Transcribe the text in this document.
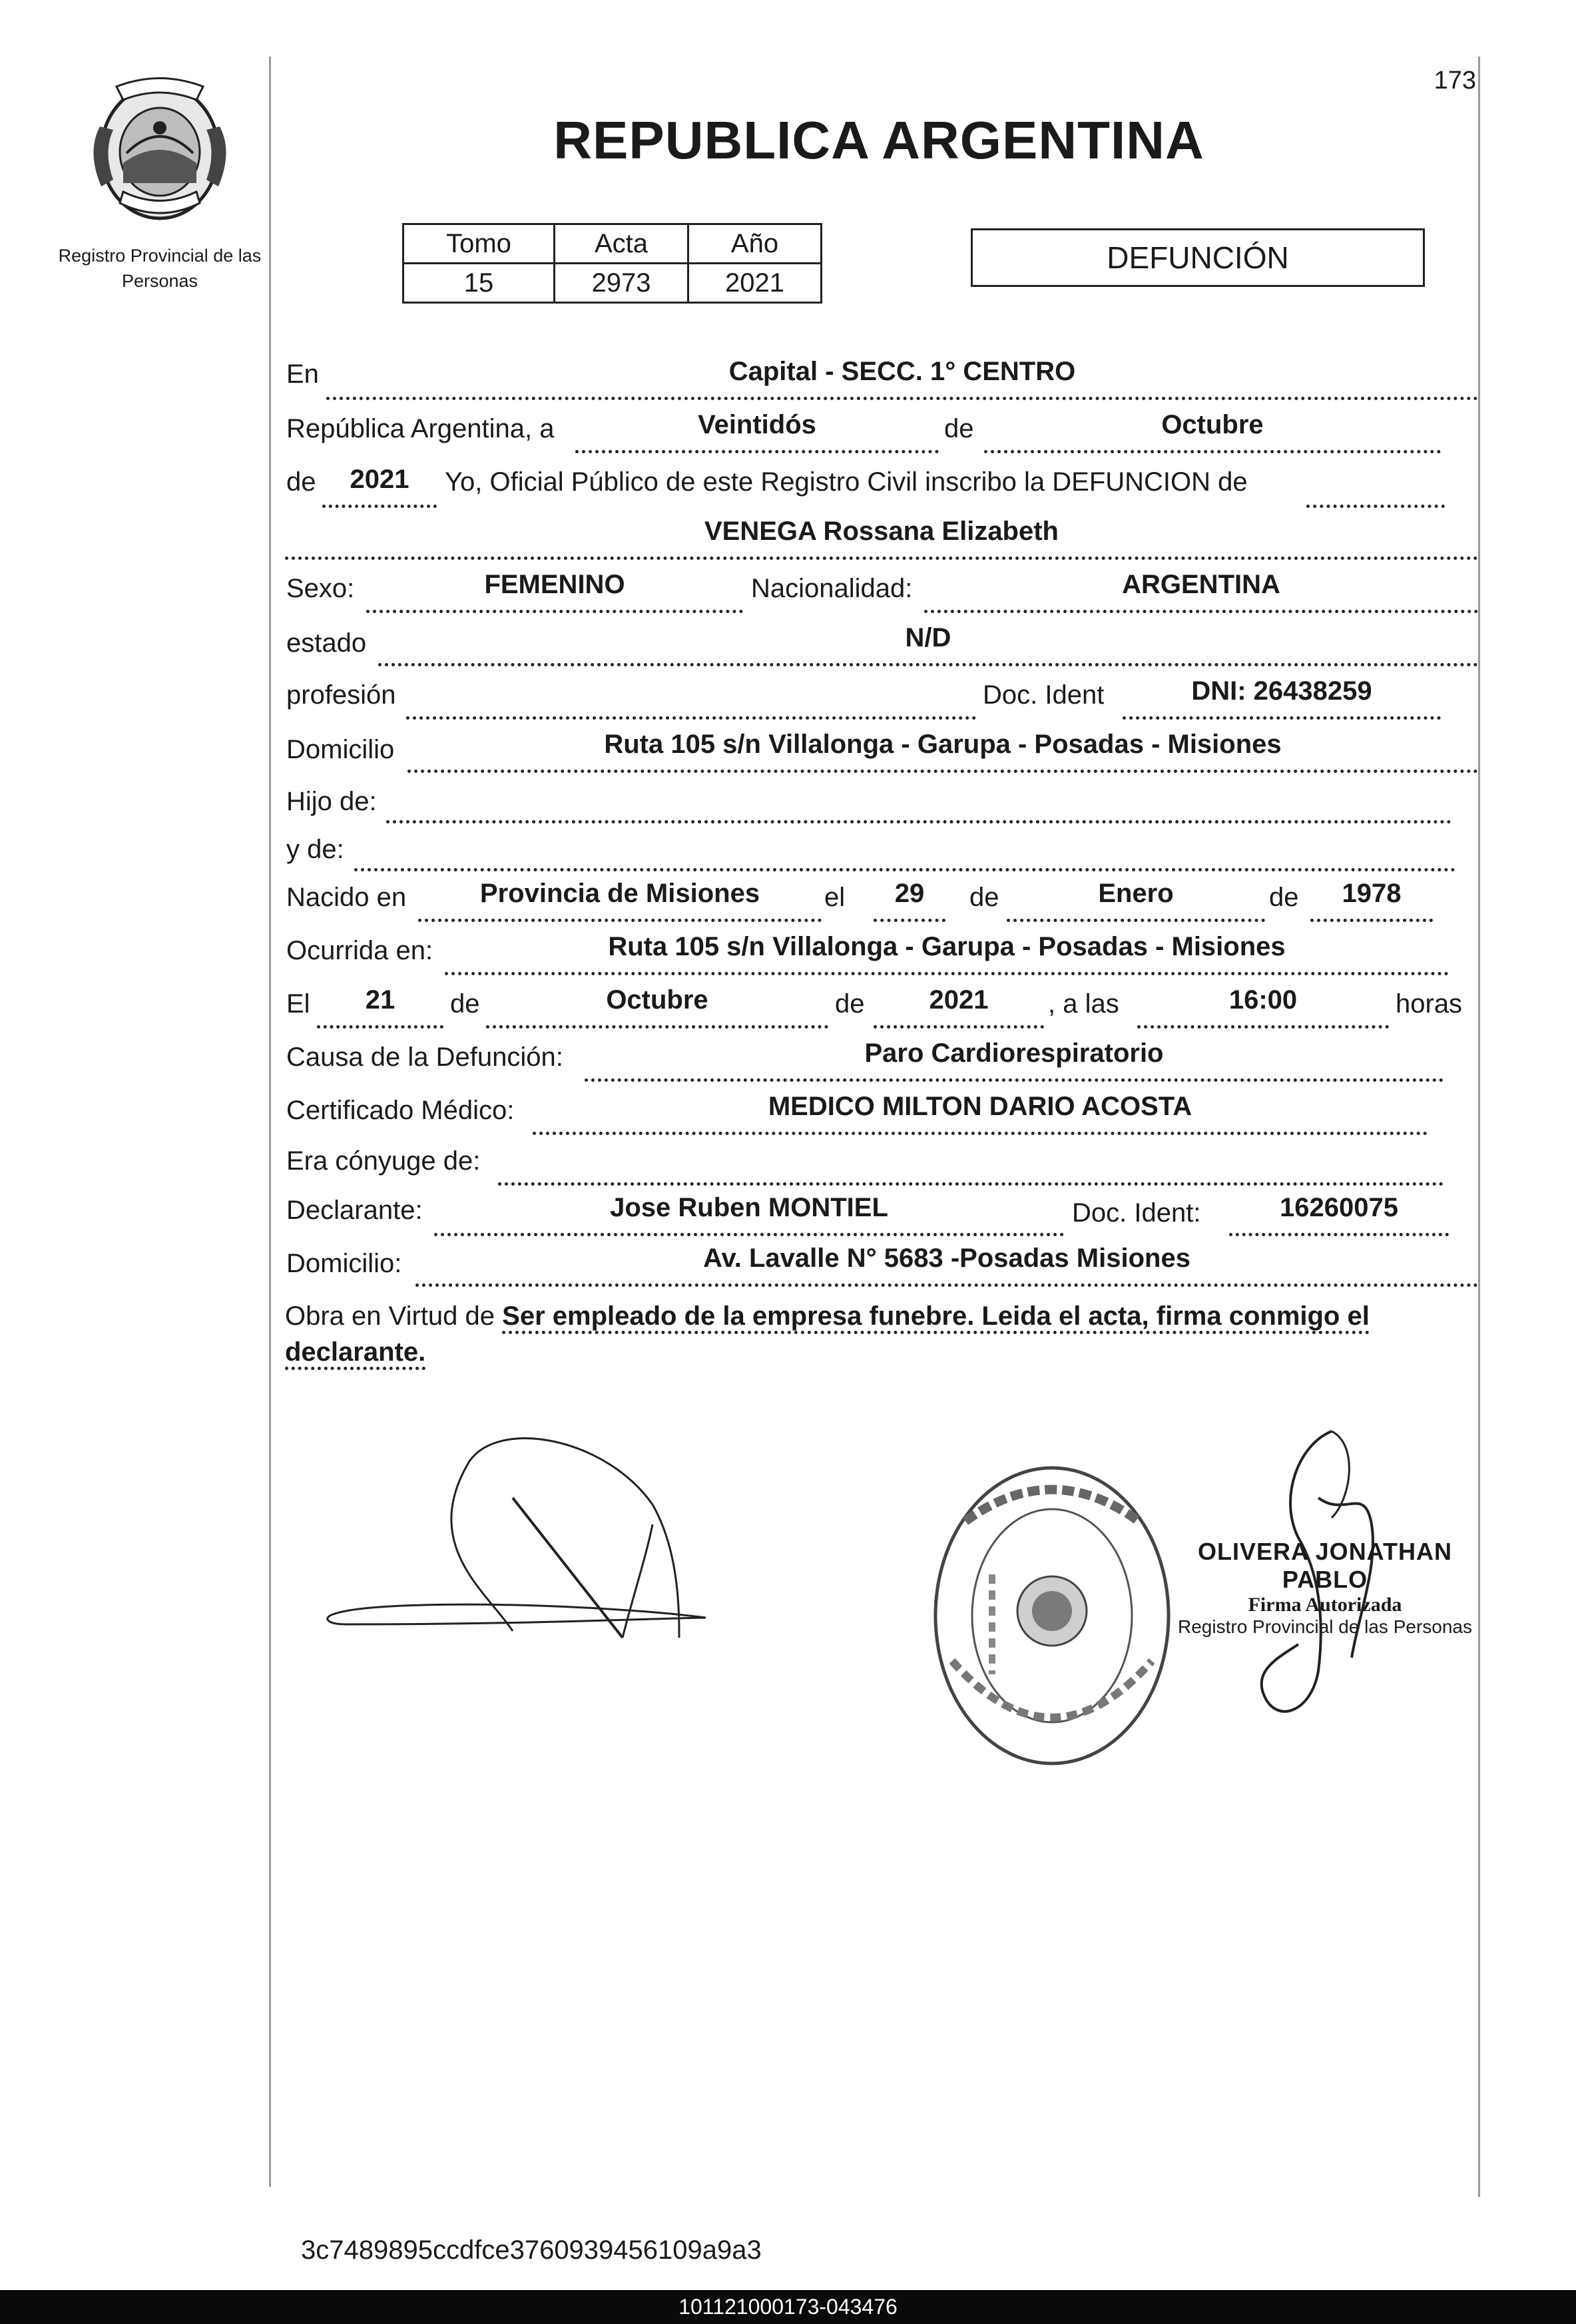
173
Registro Provincial de las Personas
REPUBLICA ARGENTINA
Tomo	Acta	Año
15	2973	2021
DEFUNCIÓN
En	Capital - SECC. 1° CENTRO
República Argentina, a	Veintidós	de	Octubre
de	2021	Yo, Oficial Público de este Registro Civil inscribo la DEFUNCION de
VENEGA Rossana Elizabeth
Sexo:	FEMENINO	Nacionalidad:	ARGENTINA
estado	N/D
profesión	Doc. Ident	DNI: 26438259
Domicilio	Ruta 105 s/n Villalonga - Garupa - Posadas - Misiones
Hijo de:
y de:
Nacido en	Provincia de Misiones	el	29	de	Enero	de	1978
Ocurrida en:	Ruta 105 s/n Villalonga - Garupa - Posadas - Misiones
El	21	de	Octubre	de	2021	, a las	16:00	horas
Causa de la Defunción:	Paro Cardiorespiratorio
Certificado Médico:	MEDICO MILTON DARIO ACOSTA
Era cónyuge de:
Declarante:	Jose Ruben MONTIEL	Doc. Ident:	16260075
Domicilio:	Av. Lavalle N° 5683 -Posadas Misiones
Obra en Virtud de Ser empleado de la empresa funebre. Leida el acta, firma conmigo el declarante.
OLIVERA JONATHAN PABLO
Firma Autorizada
Registro Provincial de las Personas
3c7489895ccdfce3760939456109a9a3
101121000173-043476
